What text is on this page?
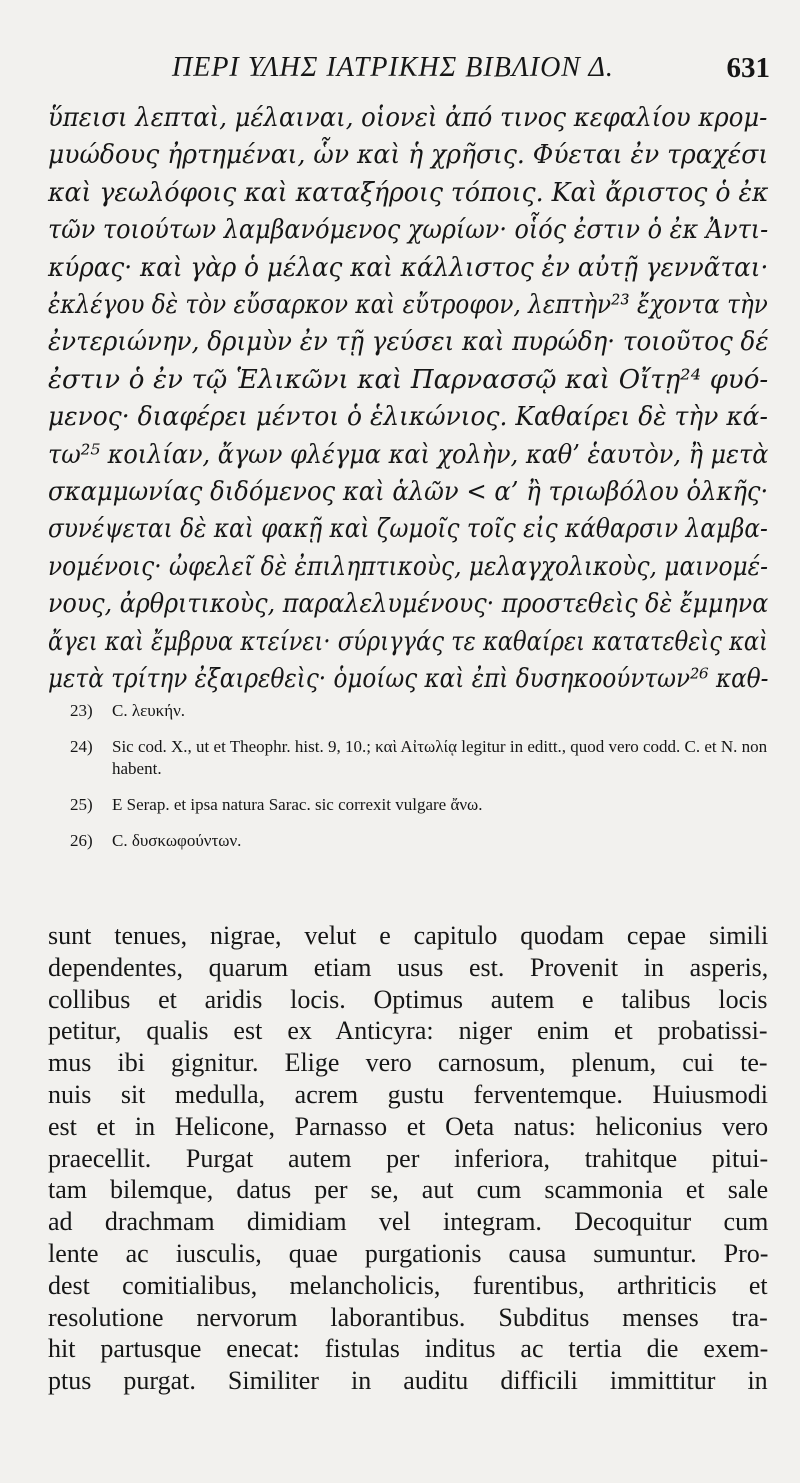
ΠΕΡΙ ΥΛΗΣ ΙΑΤΡΙΚΗΣ ΒΙΒΛΙΟΝ Δ.	631
ὕπεισι λεπταὶ, μέλαιναι, οἱονεὶ ἀπό τινος κεφαλίου κρομ-
μυώδους ἠρτημέναι, ὧν καὶ ἡ χρῆσις. Φύεται ἐν τραχέσι
καὶ γεωλόφοις καὶ καταξήροις τόποις. Καὶ ἄριστος ὁ ἐκ
τῶν τοιούτων λαμβανόμενος χωρίων· οἷός ἐστιν ὁ ἐκ Ἀντι-
κύρας· καὶ γὰρ ὁ μέλας καὶ κάλλιστος ἐν αὐτῇ γεννᾶται·
ἐκλέγου δὲ τὸν εὔσαρκον καὶ εὔτροφον, λεπτὴν²³ ἔχοντα τὴν
ἐντεριώνην, δριμὺν ἐν τῇ γεύσει καὶ πυρώδη· τοιοῦτος δέ
ἐστιν ὁ ἐν τῷ Ἑλικῶνι καὶ Παρνασσῷ καὶ Οἴτῃ²⁴ φυό-
μενος· διαφέρει μέντοι ὁ ἑλικώνιος. Καθαίρει δὲ τὴν κά-
τω²⁵ κοιλίαν, ἄγων φλέγμα καὶ χολὴν, καθ’ ἑαυτὸν, ἢ μετὰ
σκαμμωνίας διδόμενος καὶ ἁλῶν < α’ ἢ τριωβόλου ὁλκῆς·
συνέψεται δὲ καὶ φακῇ καὶ ζωμοῖς τοῖς εἰς κάθαρσιν λαμβα-
νομένοις· ὠφελεῖ δὲ ἐπιληπτικοὺς, μελαγχολικοὺς, μαινομέ-
νους, ἀρθριτικοὺς, παραλελυμένους· προστεθεὶς δὲ ἔμμηνα
ἄγει καὶ ἔμβρυα κτείνει· σύριγγάς τε καθαίρει κατατεθεὶς καὶ
μετὰ τρίτην ἐξαιρεθεὶς· ὁμοίως καὶ ἐπὶ δυσηκοούντων²⁶ καθ-
23) C. λευκήν.
24) Sic cod. X., ut et Theophr. hist. 9, 10.; καὶ Αἰτωλίᾳ legitur in editt., quod vero codd. C. et N. non habent.
25) E Serap. et ipsa natura Sarac. sic correxit vulgare ἄνω.
26) C. δυσκωφούντων.
sunt tenues, nigrae, velut e capitulo quodam cepae simili
dependentes, quarum etiam usus est. Provenit in asperis,
collibus et aridis locis. Optimus autem e talibus locis
petitur, qualis est ex Anticyra: niger enim et probatissi-
mus ibi gignitur. Elige vero carnosum, plenum, cui te-
nuis sit medulla, acrem gustu ferventemque. Huiusmodi
est et in Helicone, Parnasso et Oeta natus: heliconius vero
praecellit. Purgat autem per inferiora, trahitque pitui-
tam bilemque, datus per se, aut cum scammonia et sale
ad drachmam dimidiam vel integram. Decoquitur cum
lente ac iusculis, quae purgationis causa sumuntur. Pro-
dest comitialibus, melancholicis, furentibus, arthriticis et
resolutione nervorum laborantibus. Subditus menses tra-
hit partusque enecat: fistulas inditus ac tertia die exem-
ptus purgat. Similiter in auditu difficili immittitur in
